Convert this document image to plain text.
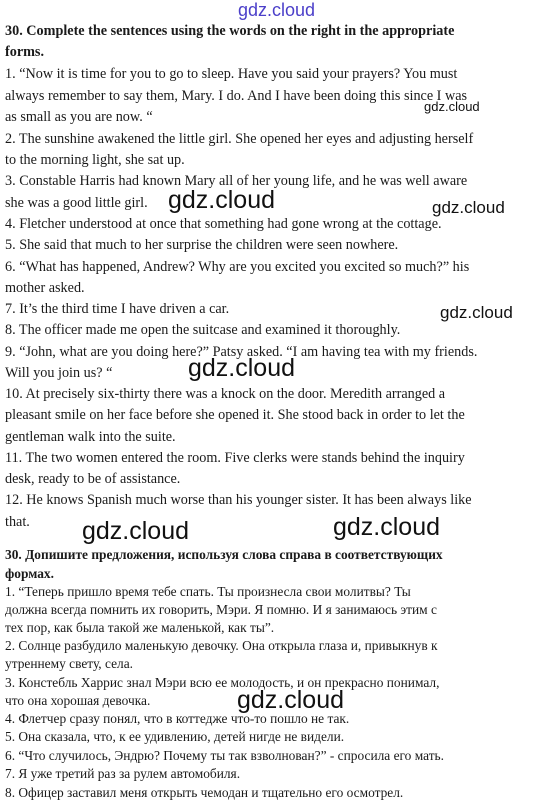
gdz.cloud
30. Complete the sentences using the words on the right in the appropriate
forms.
1. “Now it is time for you to go to sleep. Have you said your prayers? You must
always remember to say them, Mary. I do. And I have been doing this since I was
as small as you are now. “
2. The sunshine awakened the little girl. She opened her eyes and adjusting herself
to the morning light, she sat up.
3. Constable Harris had known Mary all of her young life, and he was well aware
she was a good little girl.
4. Fletcher understood at once that something had gone wrong at the cottage.
5. She said that much to her surprise the children were seen nowhere.
6. “What has happened, Andrew? Why are you excited you excited so much?” his
mother asked.
7. It’s the third time I have driven a car.
8. The officer made me open the suitcase and examined it thoroughly.
9. “John, what are you doing here?” Patsy asked. “I am having tea with my friends.
Will you join us? “
10. At precisely six-thirty there was a knock on the door. Meredith arranged a
pleasant smile on her face before she opened it. She stood back in order to let the
gentleman walk into the suite.
11. The two women entered the room. Five clerks were stands behind the inquiry
desk, ready to be of assistance.
12. He knows Spanish much worse than his younger sister. It has been always like
that.
30. Допишите предложения, используя слова справа в соответствующих
формах.
1. “Теперь пришло время тебе спать. Ты произнесла свои молитвы? Ты
должна всегда помнить их говорить, Мэри. Я помню. И я занимаюсь этим с
тех пор, как была такой же маленькой, как ты”.
2. Солнце разбудило маленькую девочку. Она открыла глаза и, привыкнув к
утреннему свету, села.
3. Констебль Харрис знал Мэри всю ее молодость, и он прекрасно понимал,
что она хорошая девочка.
4. Флетчер сразу понял, что в коттедже что-то пошло не так.
5. Она сказала, что, к ее удивлению, детей нигде не видели.
6. “Что случилось, Эндрю? Почему ты так взволнован?” - спросила его мать.
7. Я уже третий раз за рулем автомобиля.
8. Офицер заставил меня открыть чемодан и тщательно его осмотрел.
gdz.cloud
gdz.cloud	gdz.cloud
gdz.cloud
gdz.cloud
gdz.cloud	gdz.cloud
gdz.cloud
